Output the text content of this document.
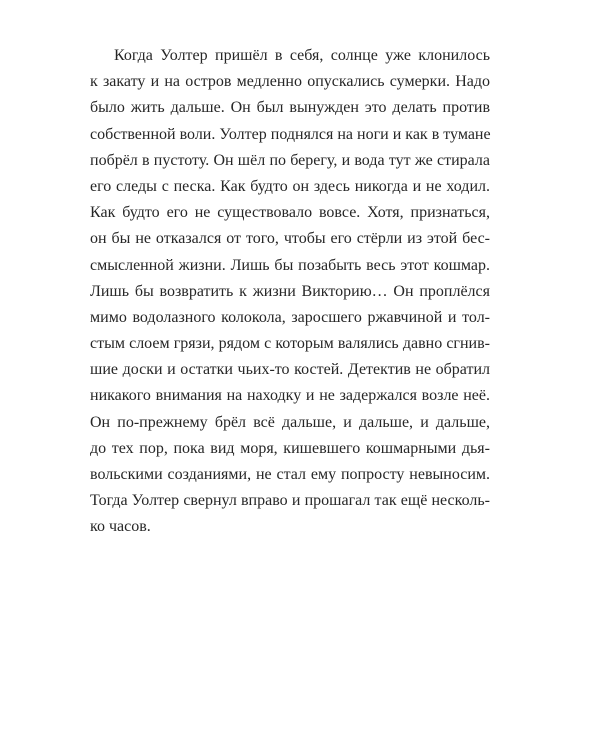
Когда Уолтер пришёл в себя, солнце уже клонилось
к закату и на остров медленно опускались сумерки. Надо
было жить дальше. Он был вынужден это делать против
собственной воли. Уолтер поднялся на ноги и как в тумане
побрёл в пустоту. Он шёл по берегу, и вода тут же стирала
его следы с песка. Как будто он здесь никогда и не ходил.
Как будто его не существовало вовсе. Хотя, признаться,
он бы не отказался от того, чтобы его стёрли из этой бес-
смысленной жизни. Лишь бы позабыть весь этот кошмар.
Лишь бы возвратить к жизни Викторию… Он проплёлся
мимо водолазного колокола, заросшего ржавчиной и тол-
стым слоем грязи, рядом с которым валялись давно сгнив-
шие доски и остатки чьих-то костей. Детектив не обратил
никакого внимания на находку и не задержался возле неё.
Он по-прежнему брёл всё дальше, и дальше, и дальше,
до тех пор, пока вид моря, кишевшего кошмарными дья-
вольскими созданиями, не стал ему попросту невыносим.
Тогда Уолтер свернул вправо и прошагал так ещё несколь-
ко часов.
